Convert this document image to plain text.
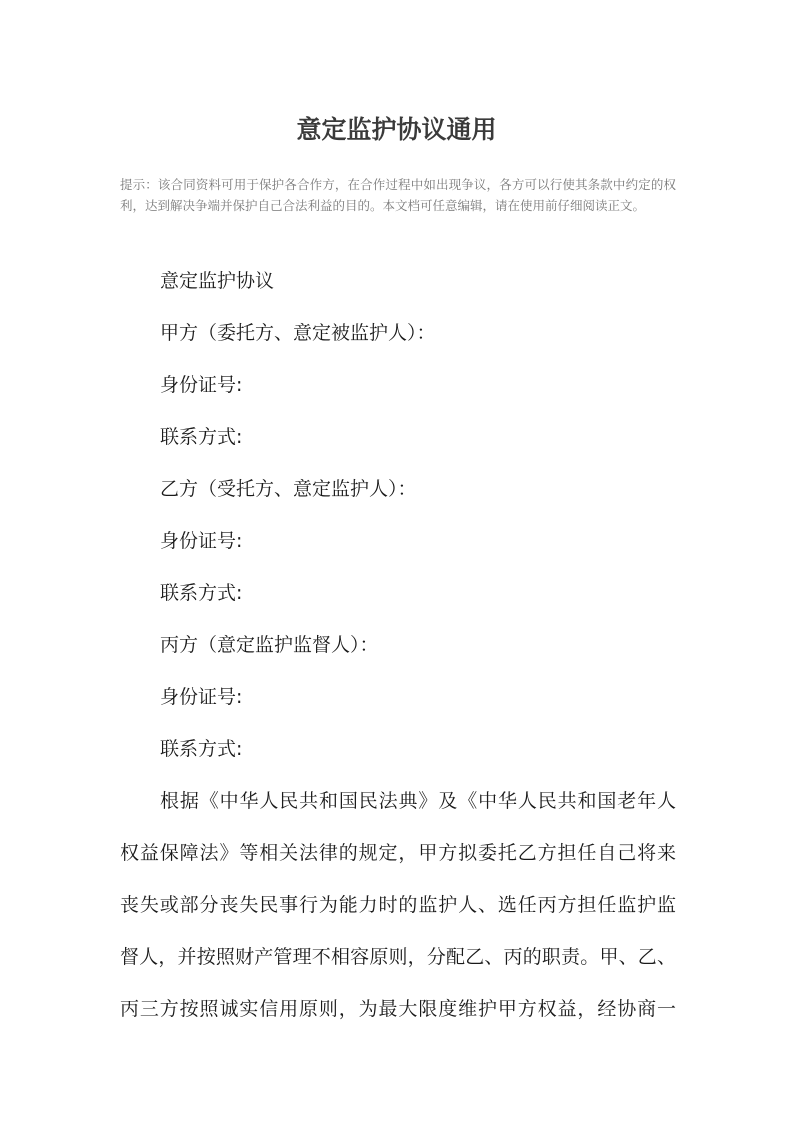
意定监护协议通用

提示：该合同资料可用于保护各合作方，在合作过程中如出现争议，各方可以行使其条款中约定的权利，达到解决争端并保护自己合法利益的目的。本文档可任意编辑，请在使用前仔细阅读正文。

意定监护协议

甲方（委托方、意定被监护人）：

身份证号:

联系方式:

乙方（受托方、意定监护人）：

身份证号:

联系方式:

丙方（意定监护监督人）：

身份证号:

联系方式:

根据《中华人民共和国民法典》及《中华人民共和国老年人

权益保障法》等相关法律的规定，甲方拟委托乙方担任自己将来

丧失或部分丧失民事行为能力时的监护人、选任丙方担任监护监

督人，并按照财产管理不相容原则，分配乙、丙的职责。甲、乙、

丙三方按照诚实信用原则，为最大限度维护甲方权益，经协商一
